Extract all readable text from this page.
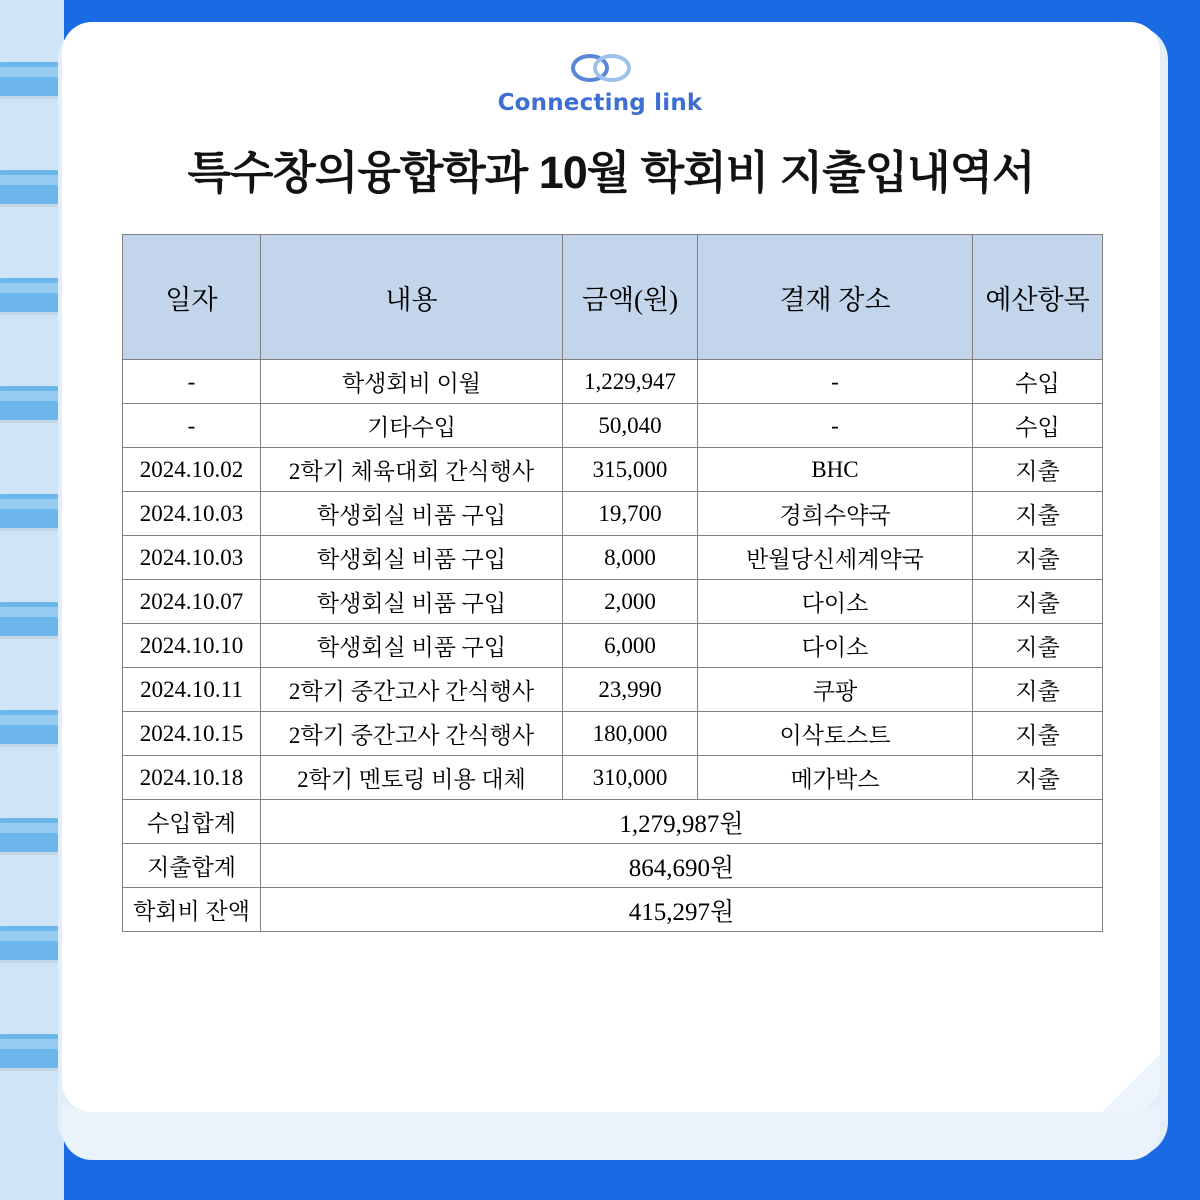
Connecting link
특수창의융합학과 10월 학회비 지출입내역서
일자	내용	금액(원)	결재 장소	예산항목
-	학생회비 이월	1,229,947	-	수입
-	기타수입	50,040	-	수입
2024.10.02	2학기 체육대회 간식행사	315,000	BHC	지출
2024.10.03	학생회실 비품 구입	19,700	경희수약국	지출
2024.10.03	학생회실 비품 구입	8,000	반월당신세계약국	지출
2024.10.07	학생회실 비품 구입	2,000	다이소	지출
2024.10.10	학생회실 비품 구입	6,000	다이소	지출
2024.10.11	2학기 중간고사 간식행사	23,990	쿠팡	지출
2024.10.15	2학기 중간고사 간식행사	180,000	이삭토스트	지출
2024.10.18	2학기 멘토링 비용 대체	310,000	메가박스	지출
수입합계	1,279,987원			
지출합계	864,690원			
학회비 잔액	415,297원			
